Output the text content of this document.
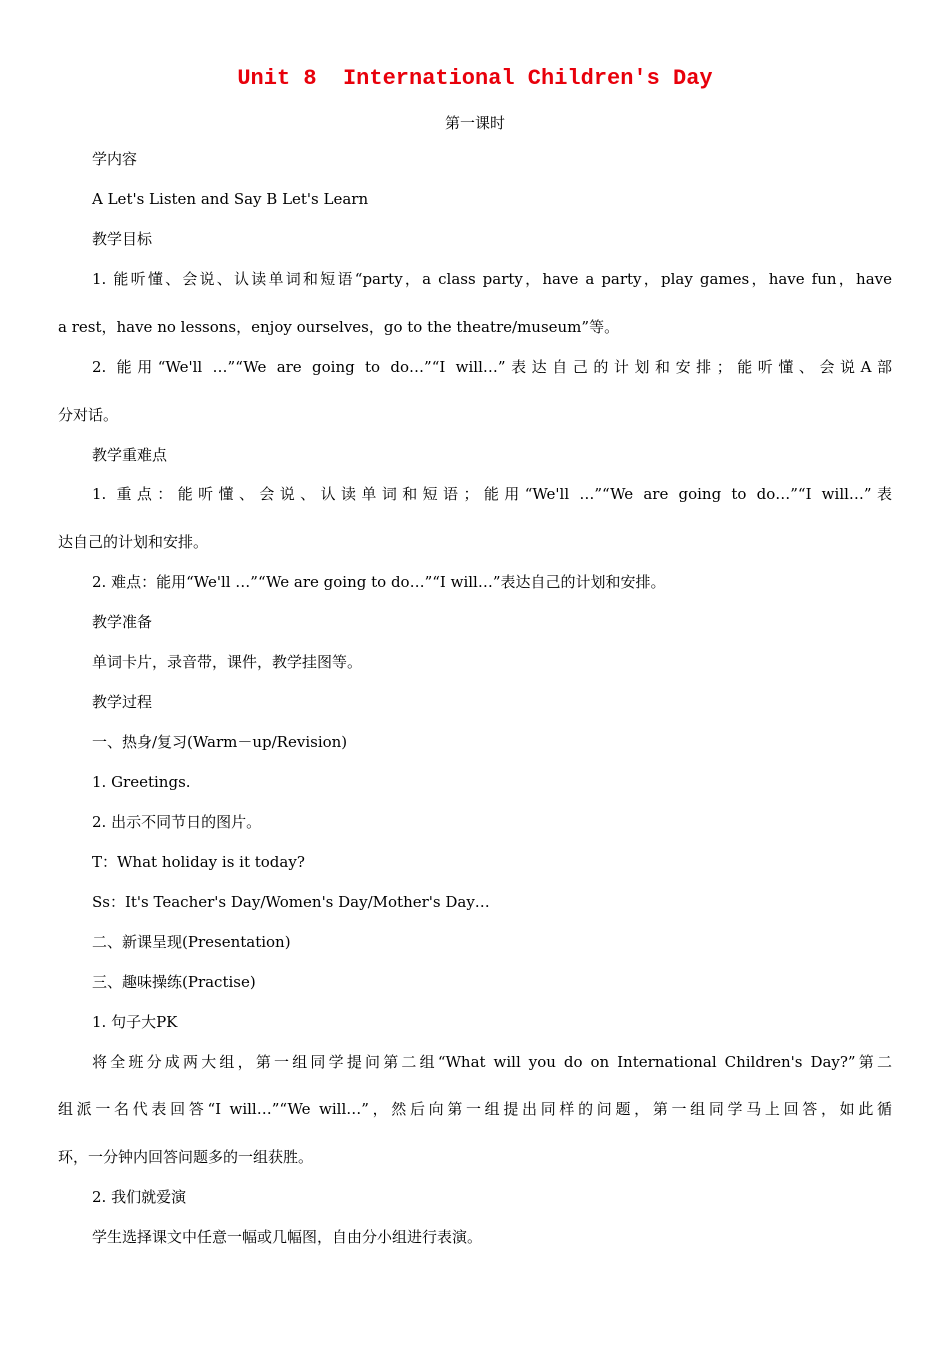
Unit 8  International Children's Day
第一课时
学内容
A Let's Listen and Say B Let's Learn
教学目标
1. 能听懂、会说、认读单词和短语“party，a class party，have a party，play games，have fun，have
a rest，have no lessons，enjoy ourselves，go to the theatre/museum”等。
2. 能用“We'll …”“We are going to do…”“I will…”表达自己的计划和安排；能听懂、会说A部
分对话。
教学重难点
1. 重点：能听懂、会说、认读单词和短语；能用“We'll …”“We are going to do…”“I will…”表
达自己的计划和安排。
2. 难点：能用“We'll …”“We are going to do…”“I will…”表达自己的计划和安排。
教学准备
单词卡片，录音带，课件，教学挂图等。
教学过程
一、热身/复习(Warm－up/Revision)
1. Greetings.
2. 出示不同节日的图片。
T：What holiday is it today?
Ss：It's Teacher's Day/Women's Day/Mother's Day…
二、新课呈现(Presentation)
三、趣味操练(Practise)
1. 句子大PK
将全班分成两大组，第一组同学提问第二组“What will you do on International Children's Day?”第二
组派一名代表回答“I will…”“We will…”，然后向第一组提出同样的问题，第一组同学马上回答，如此循
环，一分钟内回答问题多的一组获胜。
2. 我们就爱演
学生选择课文中任意一幅或几幅图，自由分小组进行表演。
